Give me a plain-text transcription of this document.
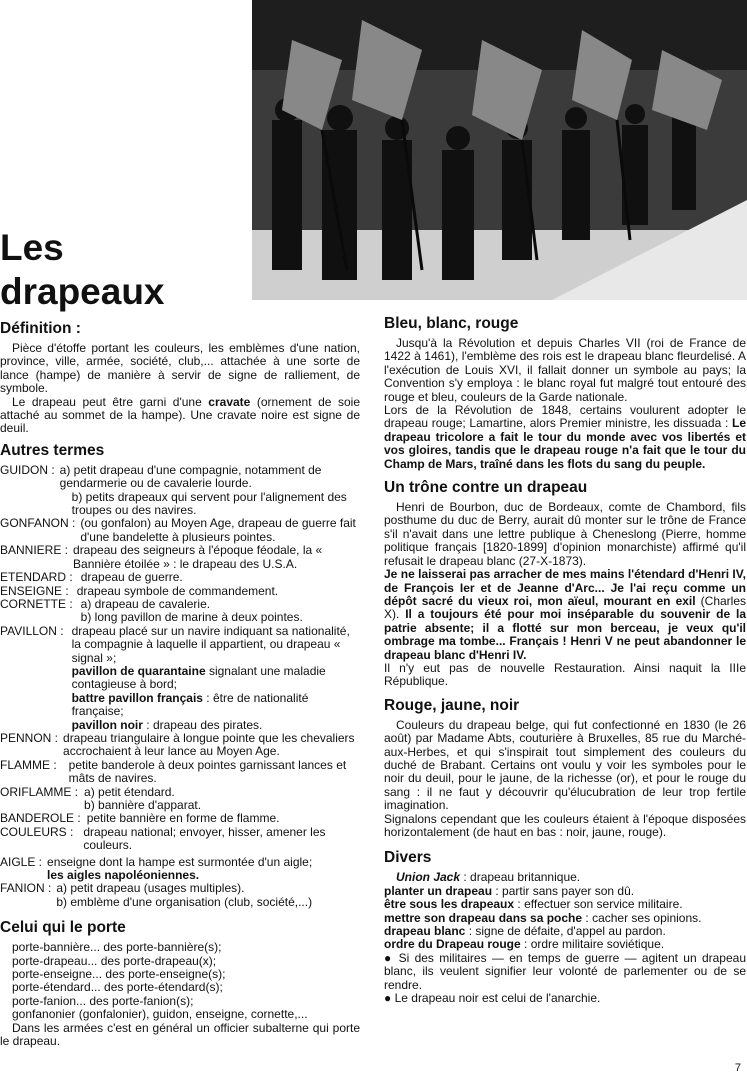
Les
drapeaux
Définition :

Pièce d'étoffe portant les couleurs, les emblèmes d'une nation, province, ville, armée, société, club,... attachée à une sorte de lance (hampe) de manière à servir de signe de ralliement, de symbole.

Le drapeau peut être garni d'une cravate (ornement de soie attaché au sommet de la hampe). Une cravate noire est signe de deuil.

Autres termes
GUIDON : a) petit drapeau d'une compagnie, notamment de gendarmerie ou de cavalerie lourde.

b) petits drapeaux qui servent pour l'alignement des troupes ou des navires.
GONFANON : (ou gonfalon) au Moyen Age, drapeau de guerre fait d'une bandelette à plusieurs pointes.
BANNIERE : drapeau des seigneurs à l'époque féodale, la « Bannière étoilée » : le drapeau des U.S.A.
ETENDARD : drapeau de guerre.
ENSEIGNE : drapeau symbole de commandement.
CORNETTE : a) drapeau de cavalerie.
b) long pavillon de marine à deux pointes.
PAVILLON : drapeau placé sur un navire indiquant sa nationalité, la compagnie à laquelle il appartient, ou drapeau « signal »;
pavillon de quarantaine signalant une maladie contagieuse à bord;
battre pavillon français : être de nationalité française;
pavillon noir : drapeau des pirates.
PENNON : drapeau triangulaire à longue pointe que les chevaliers accrochaient à leur lance au Moyen Age.
FLAMME :	petite banderole à deux pointes garnissant lances et mâts de navires.
ORIFLAMME : a) petit étendard.
b) bannière d'apparat.
BANDEROLE : petite bannière en forme de flamme.
COULEURS : drapeau national; envoyer, hisser, amener les couleurs.
AIGLE : enseigne dont la hampe est surmontée d'un aigle;
les aigles napoléoniennes.
FANION : a) petit drapeau (usages multiples).
b) emblème d'une organisation (club, société,...)
Celui qui le porte
porte-bannière... des porte-bannière(s);
porte-drapeau... des porte-drapeau(x);
porte-enseigne... des porte-enseigne(s);
porte-étendard... des porte-étendard(s);
porte-fanion... des porte-fanion(s);
gonfanonier (gonfalonier), guidon, enseigne, cornette,...

Dans les armées c'est en général un officier subalterne qui porte le drapeau.

Bleu, blanc, rouge

Jusqu'à la Révolution et depuis Charles VII (roi de France de 1422 à 1461), l'emblème des rois est le drapeau blanc fleurdelisé. A l'exécution de Louis XVI, il fallait donner un symbole au pays; la Convention s'y employa : le blanc royal fut malgré tout entouré des rouge et bleu, couleurs de la Garde nationale.

Lors de la Révolution de 1848, certains voulurent adopter le drapeau rouge; Lamartine, alors Premier ministre, les dissuada : Le drapeau tricolore a fait le tour du monde avec vos libertés et vos gloires, tandis que le drapeau rouge n'a fait que le tour du Champ de Mars, traîné dans les flots du sang du peuple.

Un trône contre un drapeau

Henri de Bourbon, duc de Bordeaux, comte de Chambord, fils posthume du duc de Berry, aurait dû monter sur le trône de France s'il n'avait dans une lettre publique à Cheneslong (Pierre, homme politique français [1820-1899] d'opinion monarchiste) affirmé qu'il refusait le drapeau blanc (27-X-1873).

Je ne laisserai pas arracher de mes mains l'étendard d'Henri IV, de François Ier et de Jeanne d'Arc... Je l'ai reçu comme un dépôt sacré du vieux roi, mon aïeul, mourant en exil (Charles X). Il a toujours été pour moi inséparable du souvenir de la patrie absente; il a flotté sur mon berceau, je veux qu'il ombrage ma tombe... Français ! Henri V ne peut abandonner le drapeau blanc d'Henri IV.

Il n'y eut pas de nouvelle Restauration. Ainsi naquit la IIIe République.

Rouge, jaune, noir

Couleurs du drapeau belge, qui fut confectionné en 1830 (le 26 août) par Madame Abts, couturière à Bruxelles, 85 rue du Marché-aux-Herbes, et qui s'inspirait tout simplement des couleurs du duché de Brabant. Certains ont voulu y voir les symboles pour le noir du deuil, pour le jaune, de la richesse (or), et pour le rouge du sang : il ne faut y découvrir qu'élucubration de leur trop fertile imagination.

Signalons cependant que les couleurs étaient à l'époque disposées horizontalement (de haut en bas : noir, jaune, rouge).

Divers
Union Jack : drapeau britannique.
planter un drapeau : partir sans payer son dû.
être sous les drapeaux : effectuer son service militaire.
mettre son drapeau dans sa poche : cacher ses opinions.
drapeau blanc : signe de défaite, d'appel au pardon.
ordre du Drapeau rouge : ordre militaire soviétique.

● Si des militaires — en temps de guerre — agitent un drapeau blanc, ils veulent signifier leur volonté de parlementer ou de se rendre.

● Le drapeau noir est celui de l'anarchie.

7
